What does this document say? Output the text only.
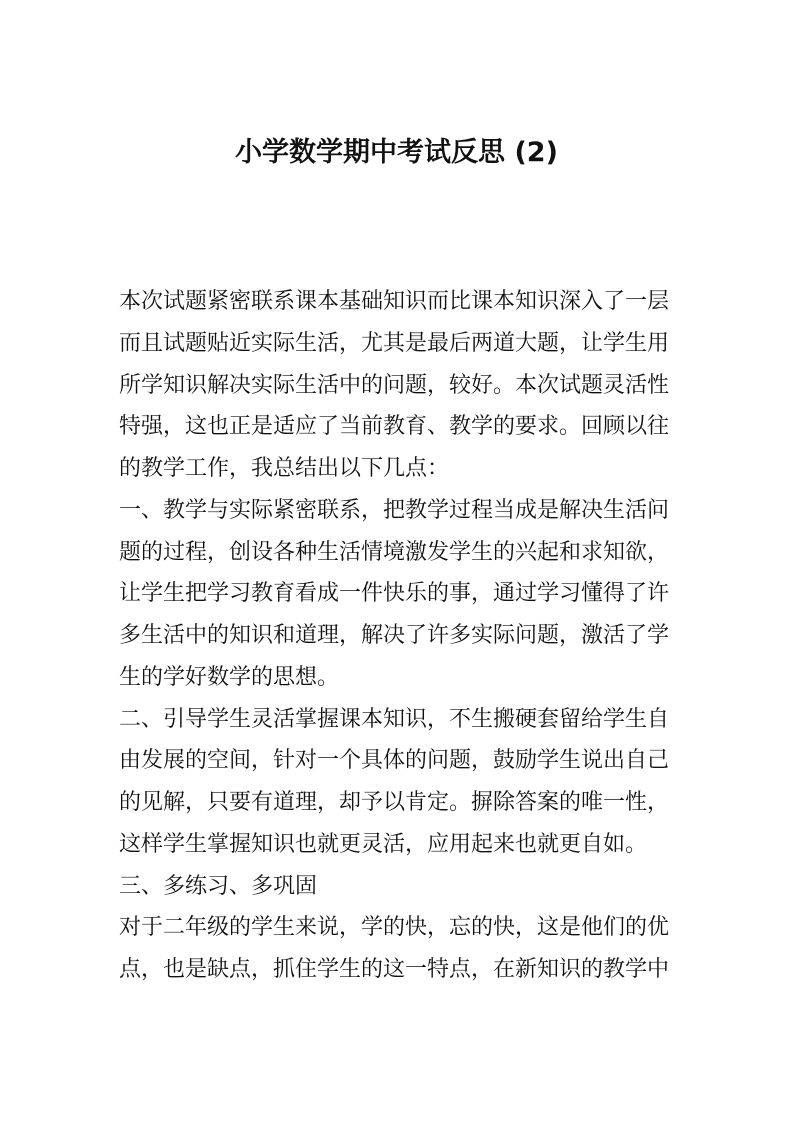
小学数学期中考试反思 (2)
本次试题紧密联系课本基础知识而比课本知识深入了一层
而且试题贴近实际生活，尤其是最后两道大题，让学生用
所学知识解决实际生活中的问题，较好。本次试题灵活性
特强，这也正是适应了当前教育、教学的要求。回顾以往
的教学工作，我总结出以下几点：
一、教学与实际紧密联系，把教学过程当成是解决生活问
题的过程，创设各种生活情境激发学生的兴起和求知欲，
让学生把学习教育看成一件快乐的事，通过学习懂得了许
多生活中的知识和道理，解决了许多实际问题，激活了学
生的学好数学的思想。
二、引导学生灵活掌握课本知识，不生搬硬套留给学生自
由发展的空间，针对一个具体的问题，鼓励学生说出自己
的见解，只要有道理，却予以肯定。摒除答案的唯一性，
这样学生掌握知识也就更灵活，应用起来也就更自如。
三、多练习、多巩固
对于二年级的学生来说，学的快，忘的快，这是他们的优
点，也是缺点，抓住学生的这一特点，在新知识的教学中
